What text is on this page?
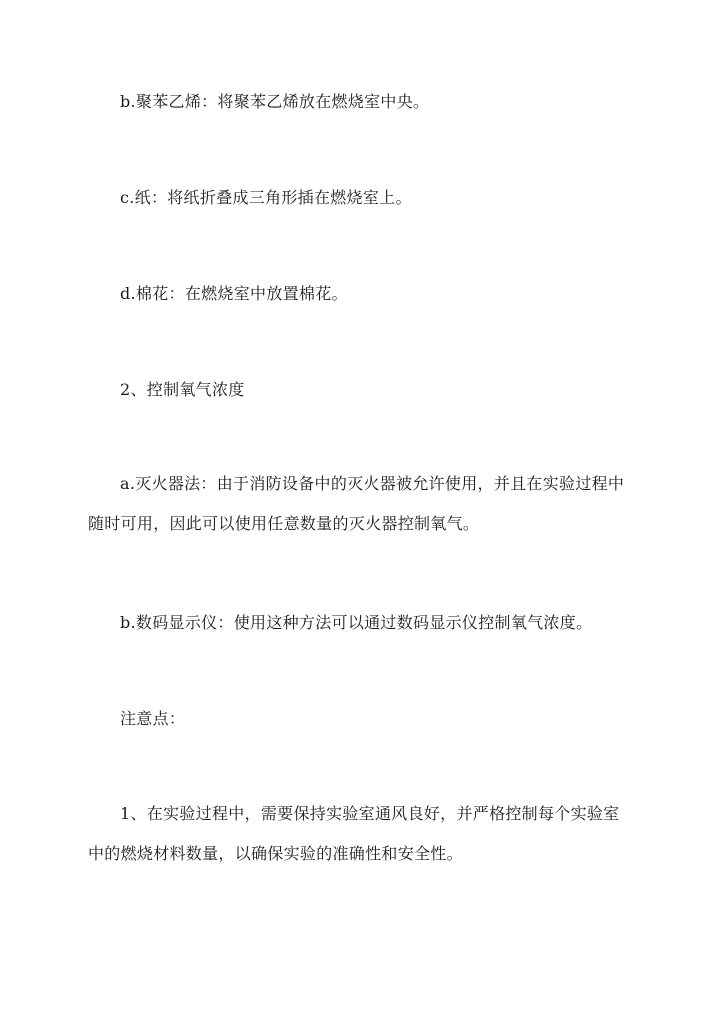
b.聚苯乙烯：将聚苯乙烯放在燃烧室中央。

c.纸：将纸折叠成三角形插在燃烧室上。

d.棉花：在燃烧室中放置棉花。

2、控制氧气浓度

a.灭火器法：由于消防设备中的灭火器被允许使用，并且在实验过程中随时可用，因此可以使用任意数量的灭火器控制氧气。

b.数码显示仪：使用这种方法可以通过数码显示仪控制氧气浓度。

注意点：

1、在实验过程中，需要保持实验室通风良好，并严格控制每个实验室中的燃烧材料数量，以确保实验的准确性和安全性。
